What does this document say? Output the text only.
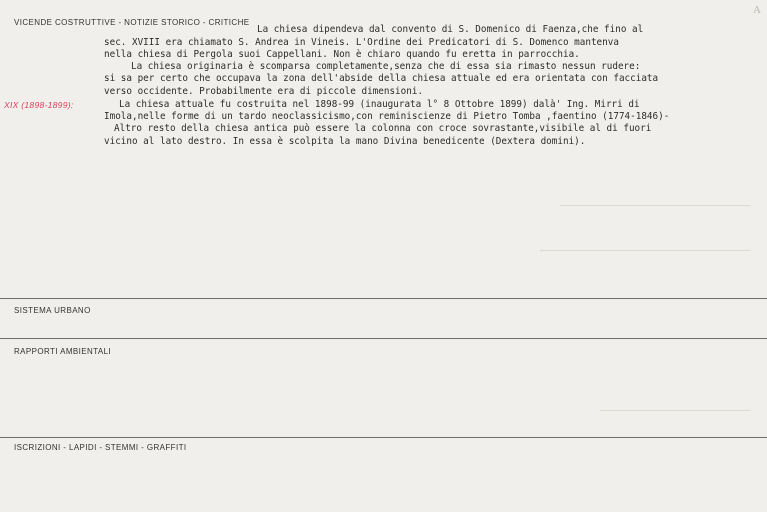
A
VICENDE COSTRUTTIVE - NOTIZIE STORICO - CRITICHE
XIX (1898-1899):
La chiesa dipendeva dal convento di S. Domenico di Faenza,che fino al
sec. XVIII era chiamato S. Andrea in Vineis. L'Ordine dei Predicatori di S. Domenco mantenva
nella chiesa di Pergola suoi Cappellani. Non è chiaro quando fu eretta in parrocchia.
La chiesa originaria è scomparsa completamente,senza che di essa sia rimasto nessun rudere:
si sa per certo che occupava la zona dell'abside della chiesa attuale ed era orientata con facciata
verso occidente. Probabilmente era di piccole dimensioni.
La chiesa attuale fu costruita nel 1898-99 (inaugurata l° 8 Ottobre 1899) dalà' Ing. Mirri di
Imola,nelle forme di un tardo neoclassicismo,con reminiscienze di Pietro Tomba ,faentino (1774-1846)-
Altro resto della chiesa antica può essere la colonna con croce sovrastante,visibile al di fuori
vicino al lato destro. In essa è scolpita la mano Divina benedicente (Dextera domini).
SISTEMA URBANO
RAPPORTI AMBIENTALI
ISCRIZIONI - LAPIDI - STEMMI - GRAFFITI
